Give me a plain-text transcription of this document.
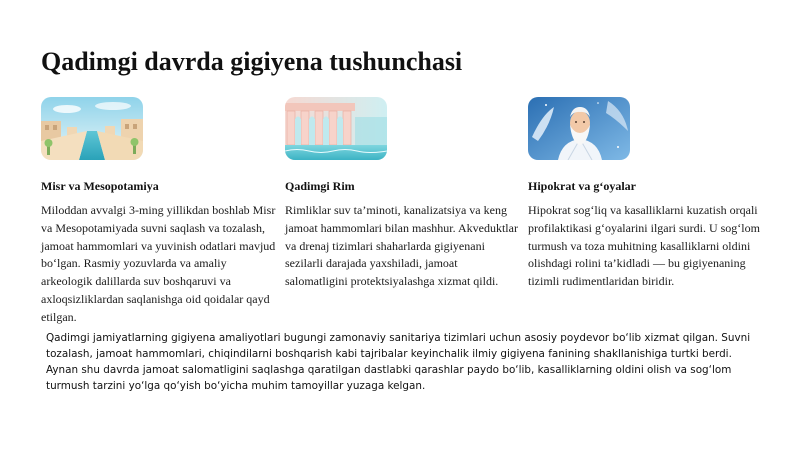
Qadimgi davrda gigiyena tushunchasi
Misr va Mesopotamiya

Miloddan avvalgi 3-ming yillikdan boshlab Misr va Mesopotamiyada suvni saqlash va tozalash, jamoat hammomlari va yuvinish odatlari mavjud bo‘lgan. Rasmiy yozuvlarda va amaliy arkeologik dalillarda suv boshqaruvi va axloqsizliklardan saqlanishga oid qoidalar qayd etilgan.

Qadimgi Rim

Rimliklar suv ta’minoti, kanalizatsiya va keng jamoat hammomlari bilan mashhur. Akveduktlar va drenaj tizimlari shaharlarda gigiyenani sezilarli darajada yaxshiladi, jamoat salomatligini protektsiyalashga xizmat qildi.

Hipokrat va g‘oyalar

Hipokrat sog‘liq va kasalliklarni kuzatish orqali profilaktikasi g‘oyalarini ilgari surdi. U sog‘lom turmush va toza muhitning kasalliklarni oldini olishdagi rolini ta’kidladi — bu gigiyenaning tizimli rudimentlaridan biridir.

Qadimgi jamiyatlarning gigiyena amaliyotlari bugungi zamonaviy sanitariya tizimlari uchun asosiy poydevor bo‘lib xizmat qilgan. Suvni tozalash, jamoat hammomlari, chiqindilarni boshqarish kabi tajribalar keyinchalik ilmiy gigiyena fanining shakllanishiga turtki berdi. Aynan shu davrda jamoat salomatligini saqlashga qaratilgan dastlabki qarashlar paydo bo‘lib, kasalliklarning oldini olish va sog‘lom turmush tarzini yo‘lga qo‘yish bo‘yicha muhim tamoyillar yuzaga kelgan.
